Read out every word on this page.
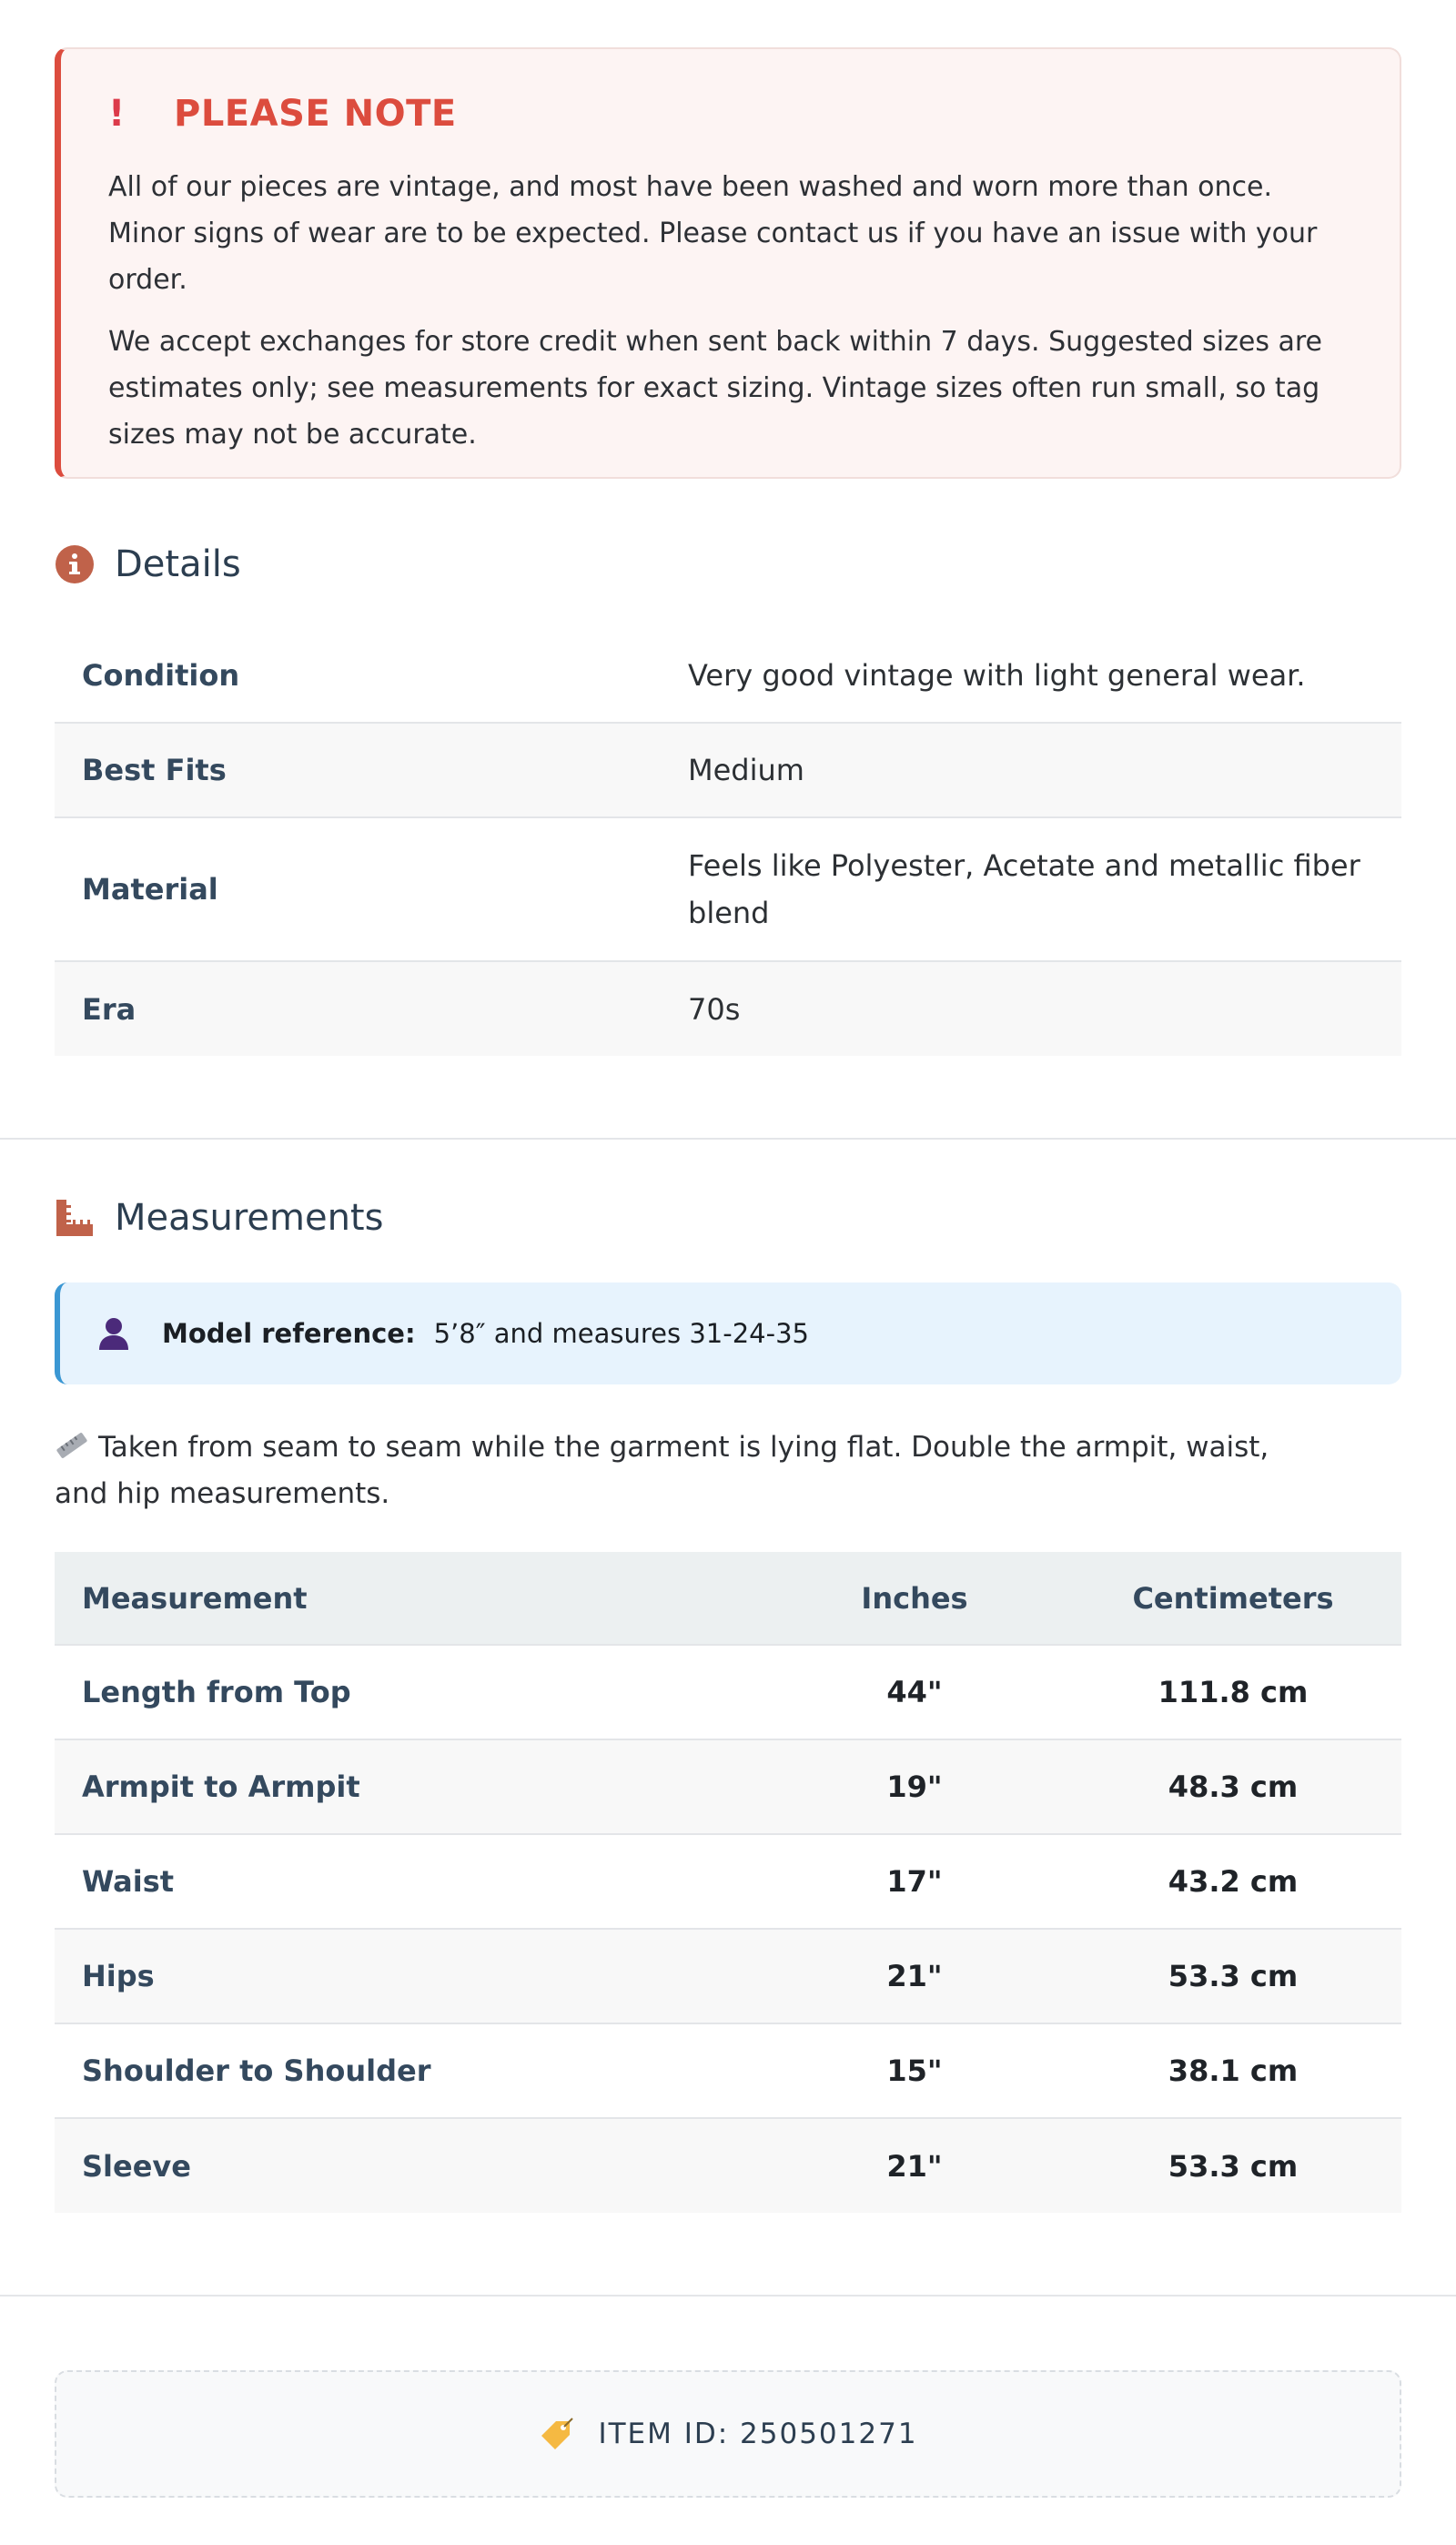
!	PLEASE NOTE

All of our pieces are vintage, and most have been washed and worn more than once. Minor signs of wear are to be expected. Please contact us if you have an issue with your order.

We accept exchanges for store credit when sent back within 7 days. Suggested sizes are estimates only; see measurements for exact sizing. Vintage sizes often run small, so tag sizes may not be accurate.

Details
Condition	Very good vintage with light general wear.
Best Fits	Medium
Material	Feels like Polyester, Acetate and metallic fiber blend
Era	70s
Measurements
Model reference: 5’8″ and measures 31-24-35
Taken from seam to seam while the garment is lying flat. Double the armpit, waist, and hip measurements.
Measurement	Inches	Centimeters
Length from Top	44"	111.8 cm
Armpit to Armpit	19"	48.3 cm
Waist	17"	43.2 cm
Hips	21"	53.3 cm
Shoulder to Shoulder	15"	38.1 cm
Sleeve	21"	53.3 cm
ITEM ID: 250501271
